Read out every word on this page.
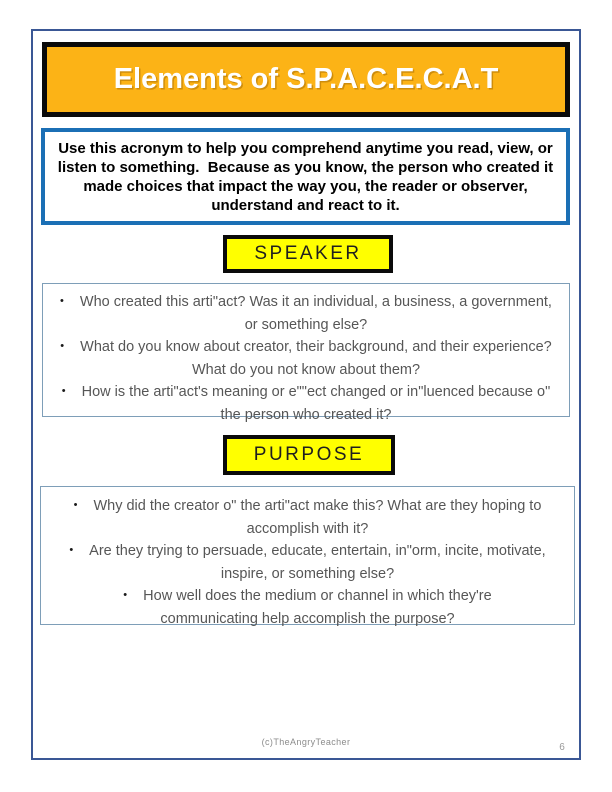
Elements of S.P.A.C.E.C.A.T
Use this acronym to help you comprehend anytime you read, view, or listen to something.  Because as you know, the person who created it made choices that impact the way you, the reader or observer, understand and react to it.
SPEAKER
• Who created this arti"act? Was it an individual, a business, a government, or something else?
• What do you know about creator, their background, and their experience? What do you not know about them?
• How is the arti"act's meaning or e""ect changed or in"luenced because o" the person who created it?
PURPOSE
• Why did the creator o" the arti"act make this? What are they hoping to accomplish with it?
• Are they trying to persuade, educate, entertain, in"orm, incite, motivate, inspire, or something else?
• How well does the medium or channel in which they're communicating help accomplish the purpose?
(c)TheAngryTeacher	6
